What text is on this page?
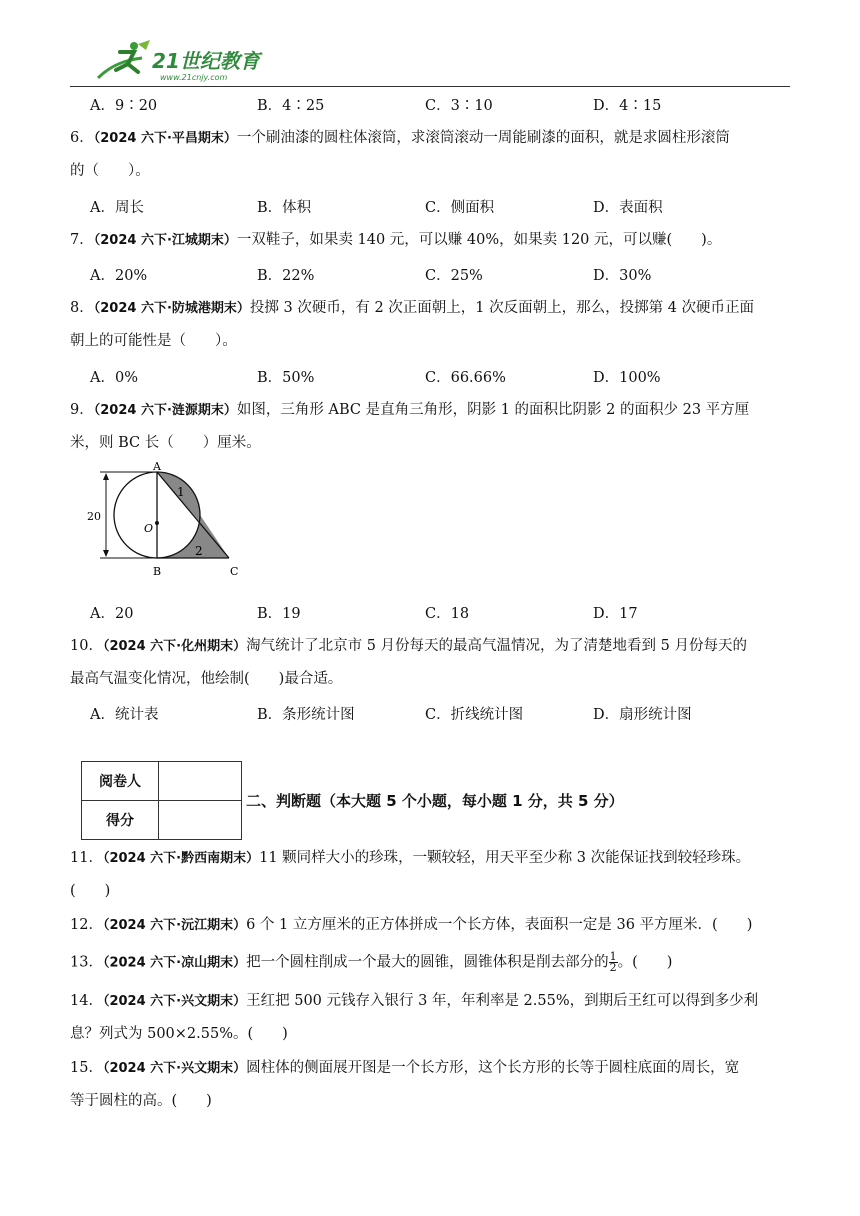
21世纪教育
www.21cnjy.com
A．9∶20	B．4∶25	C．3∶10	D．4∶15
6．（2024 六下·平昌期末）一个刷油漆的圆柱体滚筒，求滚筒滚动一周能刷漆的面积，就是求圆柱形滚筒
的（　　）。
A．周长	B．体积	C．侧面积	D．表面积
7．（2024 六下·江城期末）一双鞋子，如果卖 140 元，可以赚 40%，如果卖 120 元，可以赚(　　)。
A．20%	B．22%	C．25%	D．30%
8．（2024 六下·防城港期末）投掷 3 次硬币，有 2 次正面朝上，1 次反面朝上，那么，投掷第 4 次硬币正面
朝上的可能性是（　　）。
A．0%	B．50%	C．66.66%	D．100%
9．（2024 六下·涟源期末）如图，三角形 ABC 是直角三角形，阴影 1 的面积比阴影 2 的面积少 23 平方厘
米，则 BC 长（　　）厘米。
A
B	C
O
1
2
20
A．20	B．19	C．18	D．17
10．（2024 六下·化州期末）淘气统计了北京市 5 月份每天的最高气温情况，为了清楚地看到 5 月份每天的
最高气温变化情况，他绘制(　　)最合适。
A．统计表	B．条形统计图	C．折线统计图	D．扇形统计图
阅卷人	
得分	
二、判断题（本大题 5 个小题，每小题 1 分，共 5 分）
11．（2024 六下·黔西南期末）11 颗同样大小的珍珠，一颗较轻，用天平至少称 3 次能保证找到较轻珍珠。
(　　)
12．（2024 六下·沅江期末）6 个 1 立方厘米的正方体拼成一个长方体，表面积一定是 36 平方厘米．(　　)
13．（2024 六下·凉山期末）把一个圆柱削成一个最大的圆锥，圆锥体积是削去部分的 $\frac{1}{2}$ 。(　　)
14．（2024 六下·兴文期末）王红把 500 元钱存入银行 3 年，年利率是 2.55%，到期后王红可以得到多少利
息？列式为 500×2.55%。(　　)
15．（2024 六下·兴文期末）圆柱体的侧面展开图是一个长方形，这个长方形的长等于圆柱底面的周长，宽
等于圆柱的高。(　　)
